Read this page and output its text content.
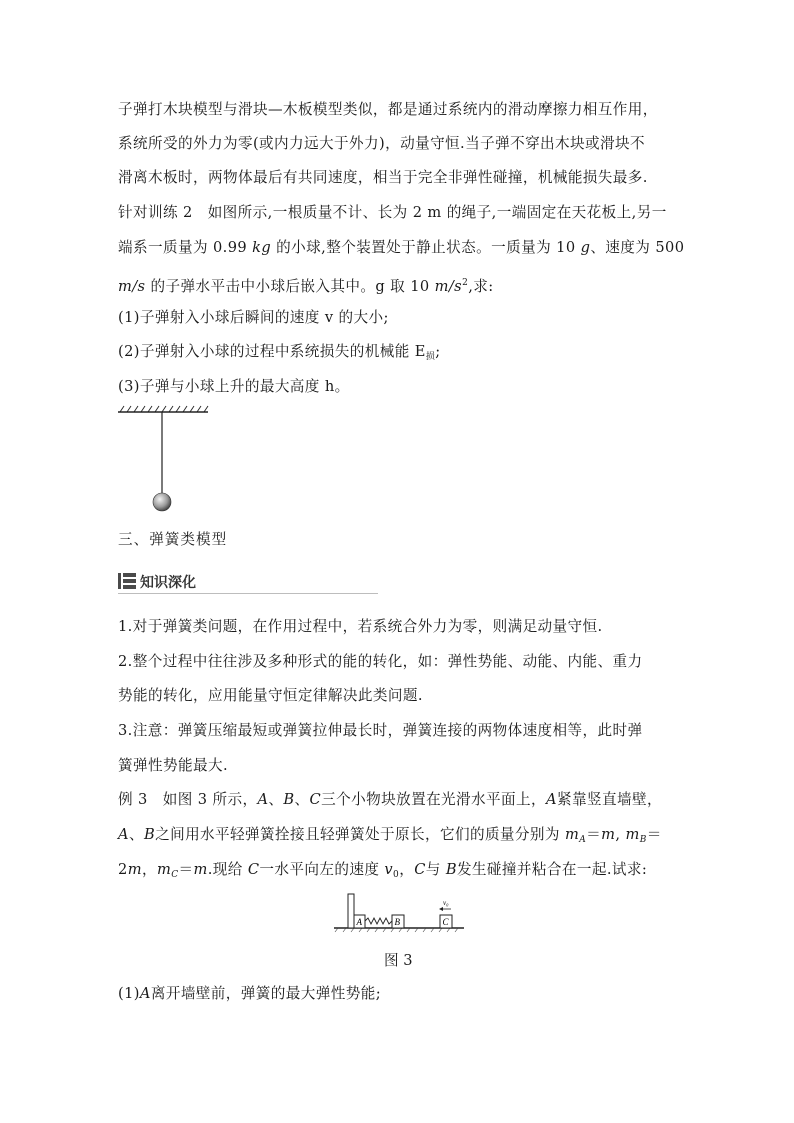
子弹打木块模型与滑块—木板模型类似，都是通过系统内的滑动摩擦力相互作用，
系统所受的外力为零(或内力远大于外力)，动量守恒.当子弹不穿出木块或滑块不
滑离木板时，两物体最后有共同速度，相当于完全非弹性碰撞，机械能损失最多.
针对训练 2　如图所示,一根质量不计、长为 2 m 的绳子,一端固定在天花板上,另一
端系一质量为 0.99 kg 的小球,整个装置处于静止状态。一质量为 10 g、速度为 500
m/s 的子弹水平击中小球后嵌入其中。g 取 10 $m/s^2$,求:
(1)子弹射入小球后瞬间的速度 v 的大小;
(2)子弹射入小球的过程中系统损失的机械能 $E_损$;
(3)子弹与小球上升的最大高度 h。
三、弹簧类模型
知识深化
1.对于弹簧类问题，在作用过程中，若系统合外力为零，则满足动量守恒.
2.整个过程中往往涉及多种形式的能的转化，如：弹性势能、动能、内能、重力
势能的转化，应用能量守恒定律解决此类问题.
3.注意：弹簧压缩最短或弹簧拉伸最长时，弹簧连接的两物体速度相等，此时弹
簧弹性势能最大.
例 3　如图 3 所示，A、B、C三个小物块放置在光滑水平面上，A紧靠竖直墙壁，
A、B之间用水平轻弹簧拴接且轻弹簧处于原长，它们的质量分别为 $m_A=m$, $m_B=$
2m，$m_C=m$.现给 C一水平向左的速度 $v_0$，C与 B发生碰撞并粘合在一起.试求:
A	B	C
v₀
图 3
(1)A离开墙壁前，弹簧的最大弹性势能;
